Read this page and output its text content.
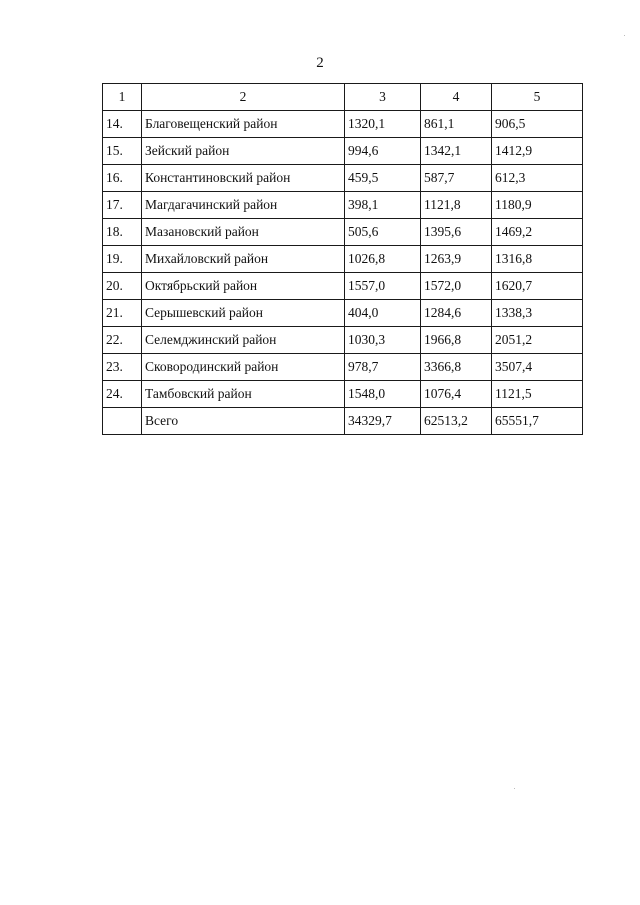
2
1	2	3	4	5
14.	Благовещенский район	1320,1	861,1	906,5
15.	Зейский район	994,6	1342,1	1412,9
16.	Константиновский район	459,5	587,7	612,3
17.	Магдагачинский район	398,1	1121,8	1180,9
18.	Мазановский район	505,6	1395,6	1469,2
19.	Михайловский район	1026,8	1263,9	1316,8
20.	Октябрьский район	1557,0	1572,0	1620,7
21.	Серышевский район	404,0	1284,6	1338,3
22.	Селемджинский район	1030,3	1966,8	2051,2
23.	Сковородинский район	978,7	3366,8	3507,4
24.	Тамбовский район	1548,0	1076,4	1121,5
	Всего	34329,7	62513,2	65551,7
